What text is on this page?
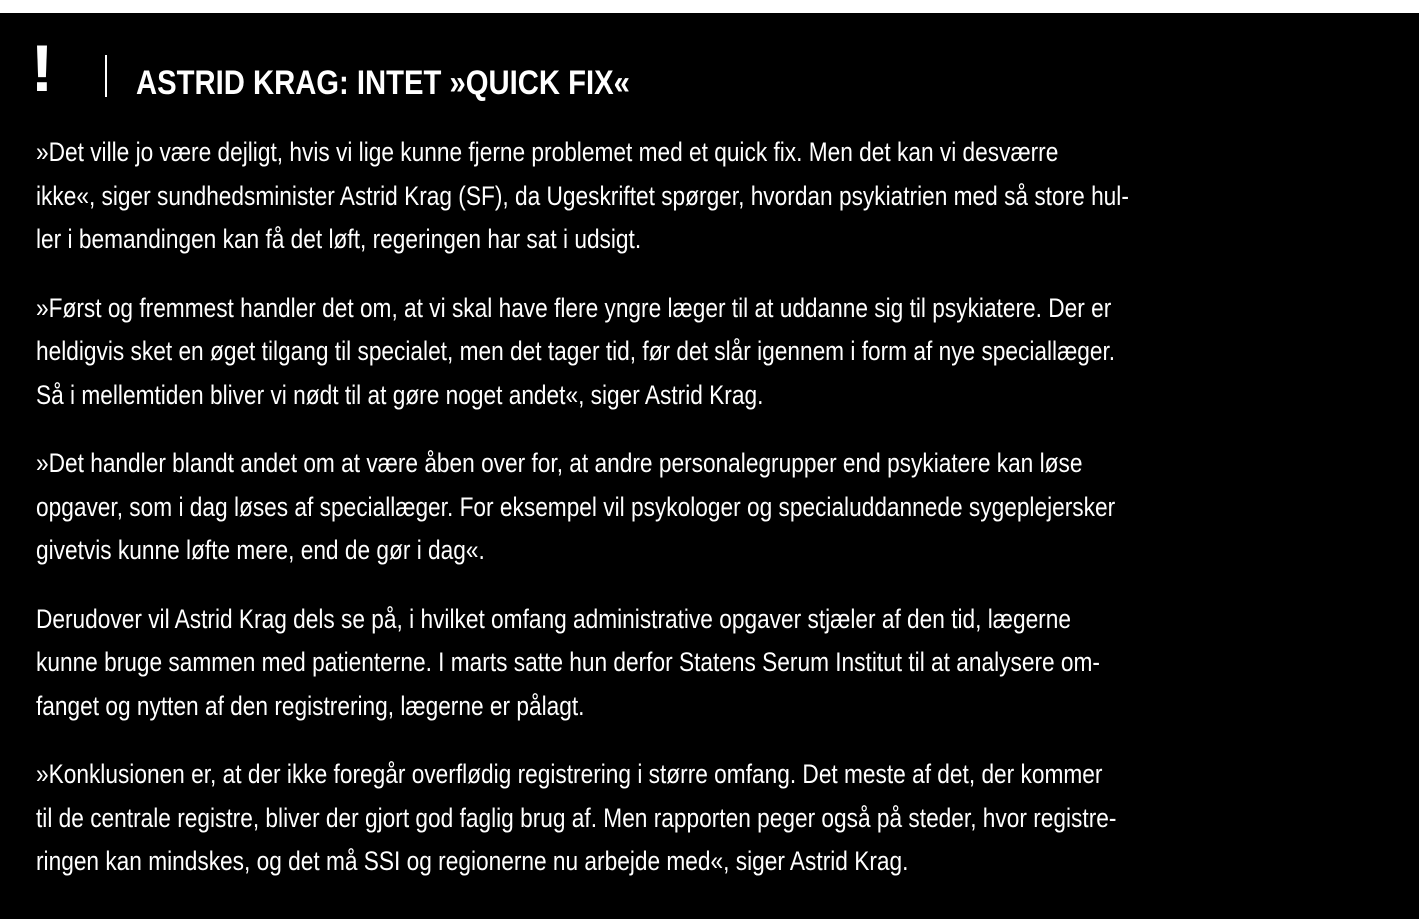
! ASTRID KRAG: INTET »QUICK FIX«

»Det ville jo være dejligt, hvis vi lige kunne fjerne problemet med et quick fix. Men det kan vi desværre
ikke«, siger sundhedsminister Astrid Krag (SF), da Ugeskriftet spørger, hvordan psykiatrien med så store hul-
ler i bemandingen kan få det løft, regeringen har sat i udsigt.

»Først og fremmest handler det om, at vi skal have flere yngre læger til at uddanne sig til psykiatere. Der er
heldigvis sket en øget tilgang til specialet, men det tager tid, før det slår igennem i form af nye speciallæger.
Så i mellemtiden bliver vi nødt til at gøre noget andet«, siger Astrid Krag.

»Det handler blandt andet om at være åben over for, at andre personalegrupper end psykiatere kan løse
opgaver, som i dag løses af speciallæger. For eksempel vil psykologer og specialuddannede sygeplejersker
givetvis kunne løfte mere, end de gør i dag«.

Derudover vil Astrid Krag dels se på, i hvilket omfang administrative opgaver stjæler af den tid, lægerne
kunne bruge sammen med patienterne. I marts satte hun derfor Statens Serum Institut til at analysere om-
fanget og nytten af den registrering, lægerne er pålagt.

»Konklusionen er, at der ikke foregår overflødig registrering i større omfang. Det meste af det, der kommer
til de centrale registre, bliver der gjort god faglig brug af. Men rapporten peger også på steder, hvor registre-
ringen kan mindskes, og det må SSI og regionerne nu arbejde med«, siger Astrid Krag.
